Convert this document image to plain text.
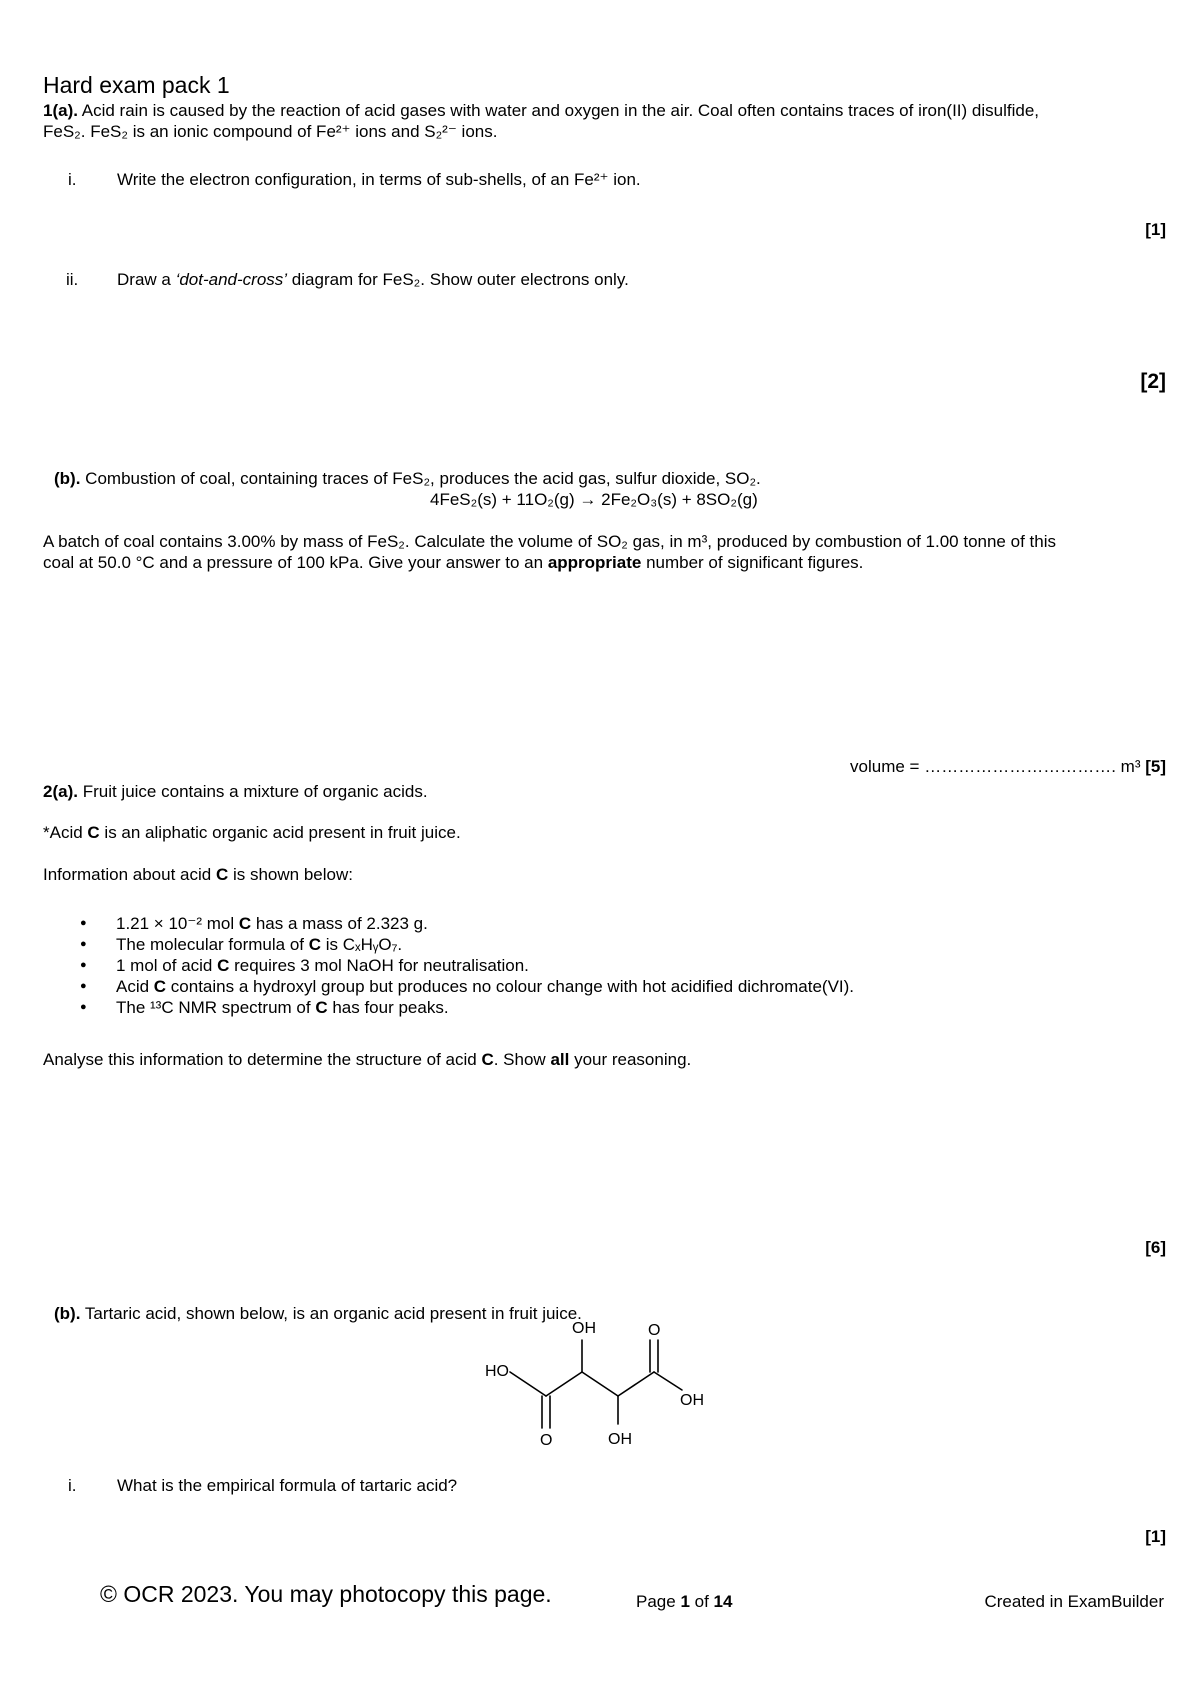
Hard exam pack 1
1(a). Acid rain is caused by the reaction of acid gases with water and oxygen in the air. Coal often contains traces of iron(II) disulfide,
FeS₂. FeS₂ is an ionic compound of Fe²⁺ ions and S₂²⁻ ions.
i. Write the electron configuration, in terms of sub-shells, of an Fe²⁺ ion.
[1]
ii. Draw a ‘dot-and-cross’ diagram for FeS₂. Show outer electrons only.
[2]
(b). Combustion of coal, containing traces of FeS₂, produces the acid gas, sulfur dioxide, SO₂.
4FeS₂(s) + 11O₂(g) → 2Fe₂O₃(s) + 8SO₂(g)
A batch of coal contains 3.00% by mass of FeS₂. Calculate the volume of SO₂ gas, in m³, produced by combustion of 1.00 tonne of this
coal at 50.0 °C and a pressure of 100 kPa. Give your answer to an appropriate number of significant figures.
volume = ……………………………. m³ [5]
2(a). Fruit juice contains a mixture of organic acids.
*Acid C is an aliphatic organic acid present in fruit juice.
Information about acid C is shown below:
● 1.21 × 10⁻² mol C has a mass of 2.323 g.
● The molecular formula of C is CₓHᵧO₇.
● 1 mol of acid C requires 3 mol NaOH for neutralisation.
● Acid C contains a hydroxyl group but produces no colour change with hot acidified dichromate(VI).
● The ¹³C NMR spectrum of C has four peaks.
Analyse this information to determine the structure of acid C. Show all your reasoning.
[6]
(b). Tartaric acid, shown below, is an organic acid present in fruit juice.
HO
OH	O
OH
O	OH
i. What is the empirical formula of tartaric acid?
[1]
© OCR 2023. You may photocopy this page.	Page 1 of 14	Created in ExamBuilder
